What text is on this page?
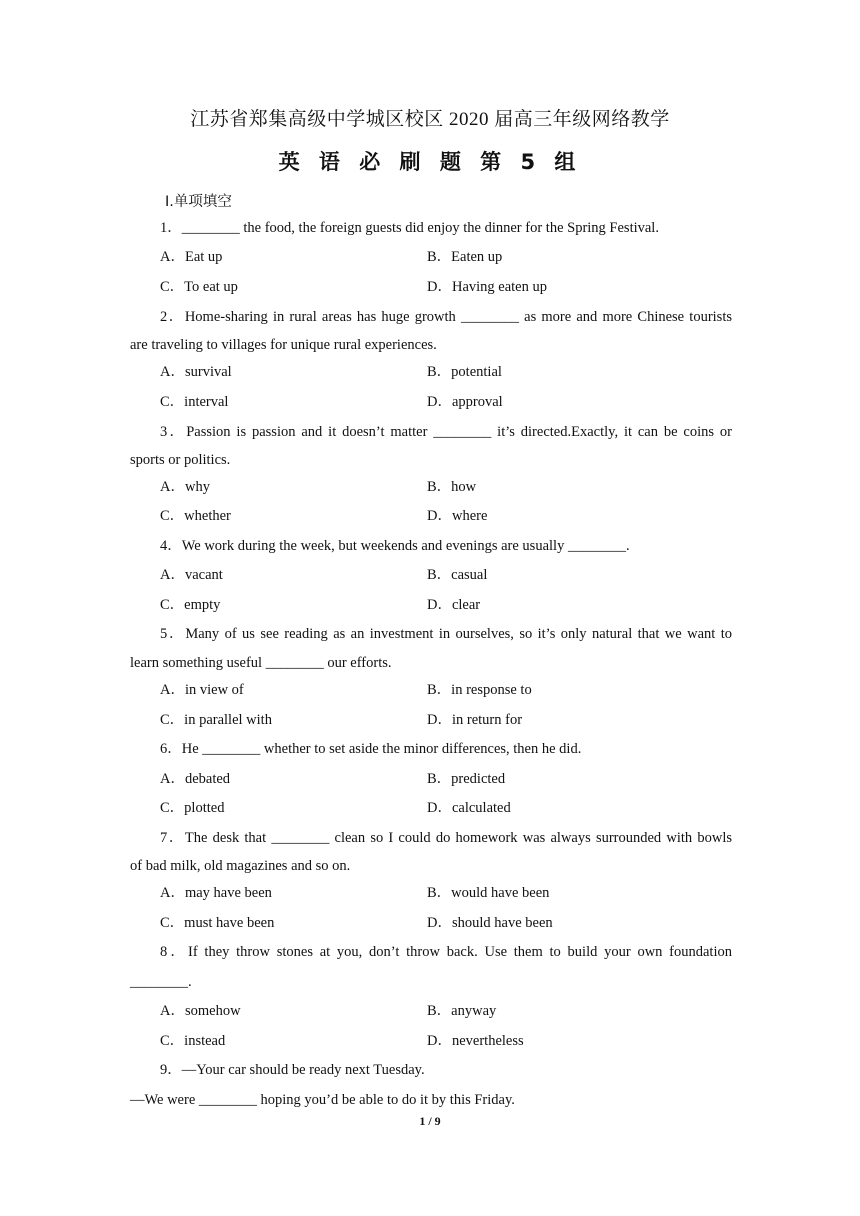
江苏省郑集高级中学城区校区 2020 届高三年级网络教学
英 语 必 刷 题 第 5 组
Ⅰ.单项填空
1．________ the food, the foreign guests did enjoy the dinner for the Spring Festival.
A．Eat up	B．Eaten up
C．To eat up	D．Having eaten up
2．Home-sharing in rural areas has huge growth ________ as more and more Chinese tourists
are traveling to villages for unique rural experiences.
A．survival	B．potential
C．interval	D．approval
3．Passion is passion and it doesn’t matter ________ it’s directed.Exactly, it can be coins or
sports or politics.
A．why	B．how
C．whether	D．where
4．We work during the week, but weekends and evenings are usually ________.
A．vacant	B．casual
C．empty	D．clear
5．Many of us see reading as an investment in ourselves, so it’s only natural that we want to
learn something useful ________ our efforts.
A．in view of	B．in response to
C．in parallel with	D．in return for
6．He ________ whether to set aside the minor differences, then he did.
A．debated	B．predicted
C．plotted	D．calculated
7．The desk that ________ clean so I could do homework was always surrounded with bowls
of bad milk, old magazines and so on.
A．may have been	B．would have been
C．must have been	D．should have been
8．If they throw stones at you, don’t throw back. Use them to build your own foundation
________.
A．somehow	B．anyway
C．instead	D．nevertheless
9．—Your car should be ready next Tuesday.
—We were ________ hoping you’d be able to do it by this Friday.
1 / 9
